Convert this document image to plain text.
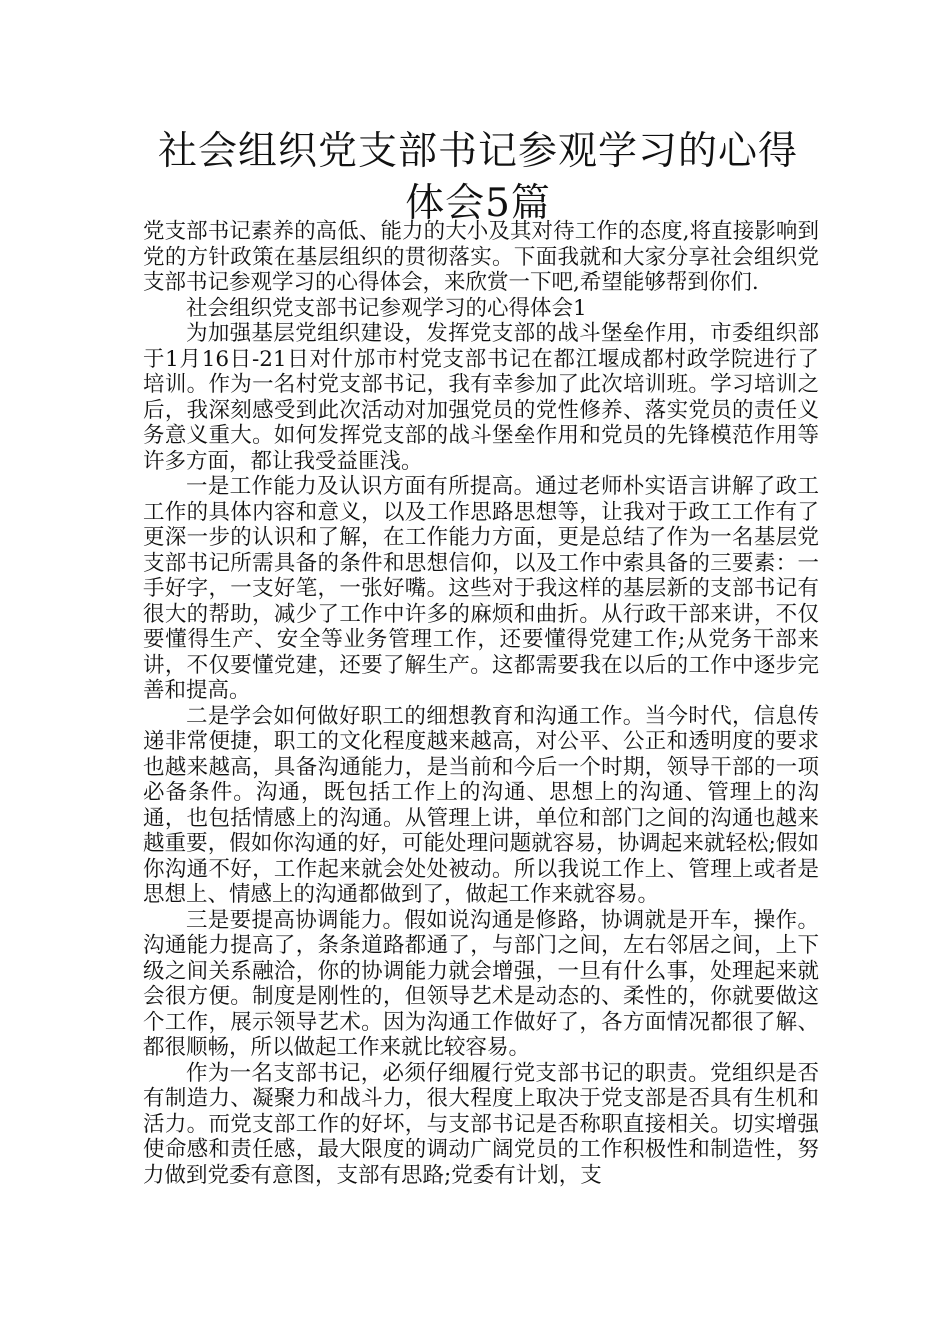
社会组织党支部书记参观学习的心得体会5篇

党支部书记素养的高低、能力的大小及其对待工作的态度,将直接影响到党的方针政策在基层组织的贯彻落实。下面我就和大家分享社会组织党支部书记参观学习的心得体会，来欣赏一下吧,希望能够帮到你们.

社会组织党支部书记参观学习的心得体会1

为加强基层党组织建设，发挥党支部的战斗堡垒作用，市委组织部于1月16日-21日对什邡市村党支部书记在都江堰成都村政学院进行了培训。作为一名村党支部书记，我有幸参加了此次培训班。学习培训之后，我深刻感受到此次活动对加强党员的党性修养、落实党员的责任义务意义重大。如何发挥党支部的战斗堡垒作用和党员的先锋模范作用等许多方面，都让我受益匪浅。

一是工作能力及认识方面有所提高。通过老师朴实语言讲解了政工工作的具体内容和意义，以及工作思路思想等，让我对于政工工作有了更深一步的认识和了解，在工作能力方面，更是总结了作为一名基层党支部书记所需具备的条件和思想信仰，以及工作中索具备的三要素：一手好字，一支好笔，一张好嘴。这些对于我这样的基层新的支部书记有很大的帮助，减少了工作中许多的麻烦和曲折。从行政干部来讲，不仅要懂得生产、安全等业务管理工作，还要懂得党建工作;从党务干部来讲，不仅要懂党建，还要了解生产。这都需要我在以后的工作中逐步完善和提高。

二是学会如何做好职工的细想教育和沟通工作。当今时代，信息传递非常便捷，职工的文化程度越来越高，对公平、公正和透明度的要求也越来越高，具备沟通能力，是当前和今后一个时期，领导干部的一项必备条件。沟通，既包括工作上的沟通、思想上的沟通、管理上的沟通，也包括情感上的沟通。从管理上讲，单位和部门之间的沟通也越来越重要，假如你沟通的好，可能处理问题就容易，协调起来就轻松;假如你沟通不好，工作起来就会处处被动。所以我说工作上、管理上或者是思想上、情感上的沟通都做到了，做起工作来就容易。

三是要提高协调能力。假如说沟通是修路，协调就是开车，操作。沟通能力提高了，条条道路都通了，与部门之间，左右邻居之间，上下级之间关系融洽，你的协调能力就会增强，一旦有什么事，处理起来就会很方便。制度是刚性的，但领导艺术是动态的、柔性的，你就要做这个工作，展示领导艺术。因为沟通工作做好了，各方面情况都很了解、都很顺畅，所以做起工作来就比较容易。

作为一名支部书记，必须仔细履行党支部书记的职责。党组织是否有制造力、凝聚力和战斗力，很大程度上取决于党支部是否具有生机和活力。而党支部工作的好坏，与支部书记是否称职直接相关。切实增强使命感和责任感，最大限度的调动广阔党员的工作积极性和制造性，努力做到党委有意图，支部有思路;党委有计划，支
